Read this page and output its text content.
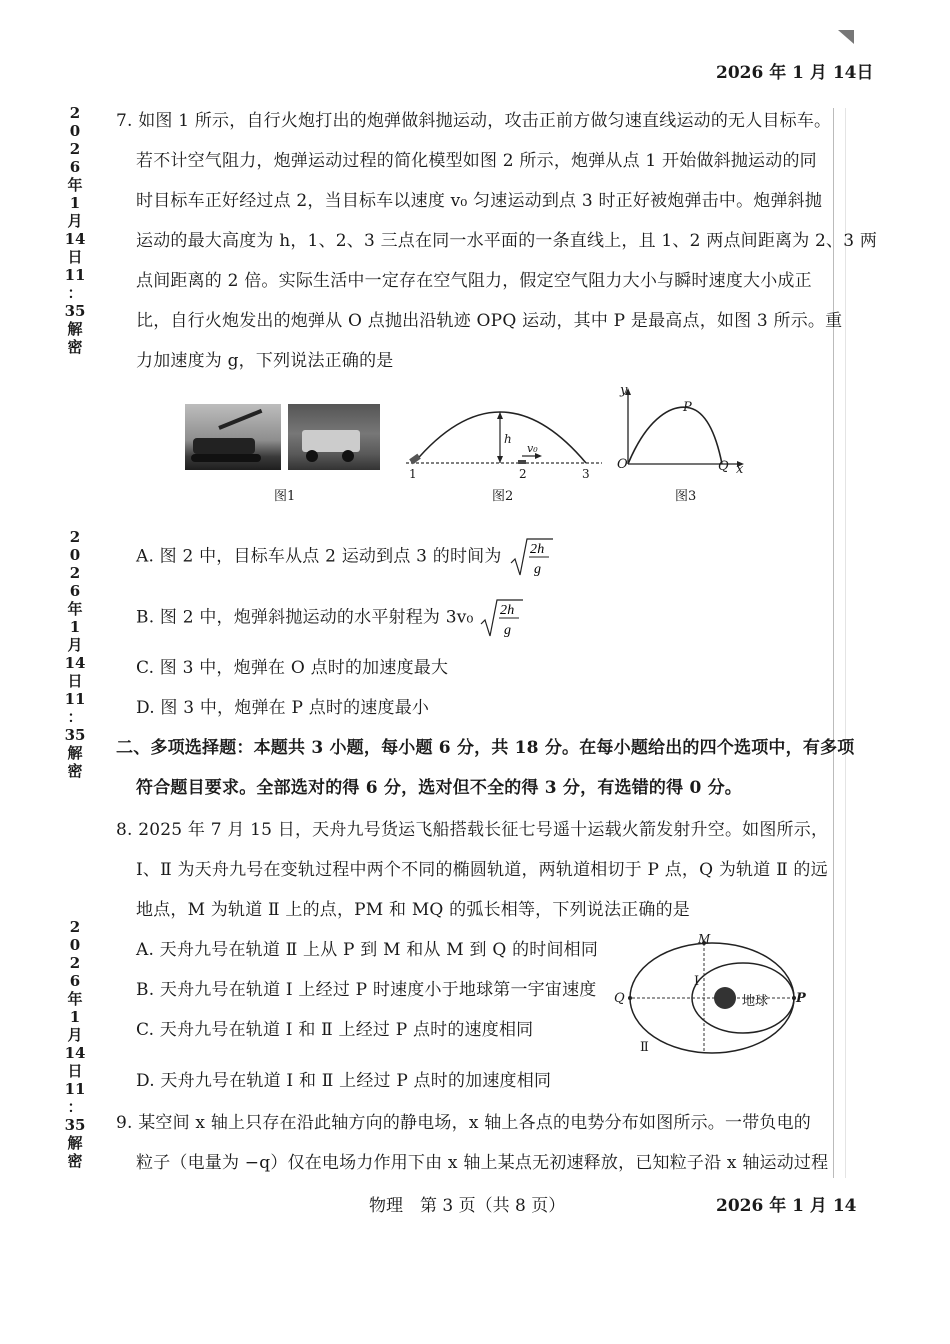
2026 年 1 月 14日
2
0
2
6
年
1
月
14
日
11
：
35
解
密
2
0
2
6
年
1
月
14
日
11
：
35
解
密
2
0
2
6
年
1
月
14
日
11
：
35
解
密
7. 如图 1 所示，自行火炮打出的炮弹做斜抛运动，攻击正前方做匀速直线运动的无人目标车。
若不计空气阻力，炮弹运动过程的简化模型如图 2 所示，炮弹从点 1 开始做斜抛运动的同
时目标车正好经过点 2，当目标车以速度 v₀ 匀速运动到点 3 时正好被炮弹击中。炮弹斜抛
运动的最大高度为 h，1、2、3 三点在同一水平面的一条直线上，且 1、2 两点间距离为 2、3 两
点间距离的 2 倍。实际生活中一定存在空气阻力，假定空气阻力大小与瞬时速度大小成正
比，自行火炮发出的炮弹从 O 点抛出沿轨迹 OPQ 运动，其中 P 是最高点，如图 3 所示。重
力加速度为 g，下列说法正确的是
图1
1	2	3
h
v₀
图2
y
x
O
P
Q
图3
A. 图 2 中，目标车从点 2 运动到点 3 的时间为 2h
g
B. 图 2 中，炮弹斜抛运动的水平射程为 3v₀ 2h
g
C. 图 3 中，炮弹在 O 点时的加速度最大
D. 图 3 中，炮弹在 P 点时的速度最小
二、多项选择题：本题共 3 小题，每小题 6 分，共 18 分。在每小题给出的四个选项中，有多项
符合题目要求。全部选对的得 6 分，选对但不全的得 3 分，有选错的得 0 分。
8. 2025 年 7 月 15 日，天舟九号货运飞船搭载长征七号遥十运载火箭发射升空。如图所示，
Ⅰ、Ⅱ 为天舟九号在变轨过程中两个不同的椭圆轨道，两轨道相切于 P 点，Q 为轨道 Ⅱ 的远
地点，M 为轨道 Ⅱ 上的点，PM 和 MQ 的弧长相等，下列说法正确的是
A. 天舟九号在轨道 Ⅱ 上从 P 到 M 和从 M 到 Q 的时间相同
B. 天舟九号在轨道 Ⅰ 上经过 P 时速度小于地球第一宇宙速度
C. 天舟九号在轨道 Ⅰ 和 Ⅱ 上经过 P 点时的速度相同
D. 天舟九号在轨道 Ⅰ 和 Ⅱ 上经过 P 点时的加速度相同
M
Q	P
地球
Ⅰ
Ⅱ
9. 某空间 x 轴上只存在沿此轴方向的静电场，x 轴上各点的电势分布如图所示。一带负电的
粒子（电量为 −q）仅在电场力作用下由 x 轴上某点无初速释放，已知粒子沿 x 轴运动过程
物理　第 3 页（共 8 页）	2026 年 1 月 14
